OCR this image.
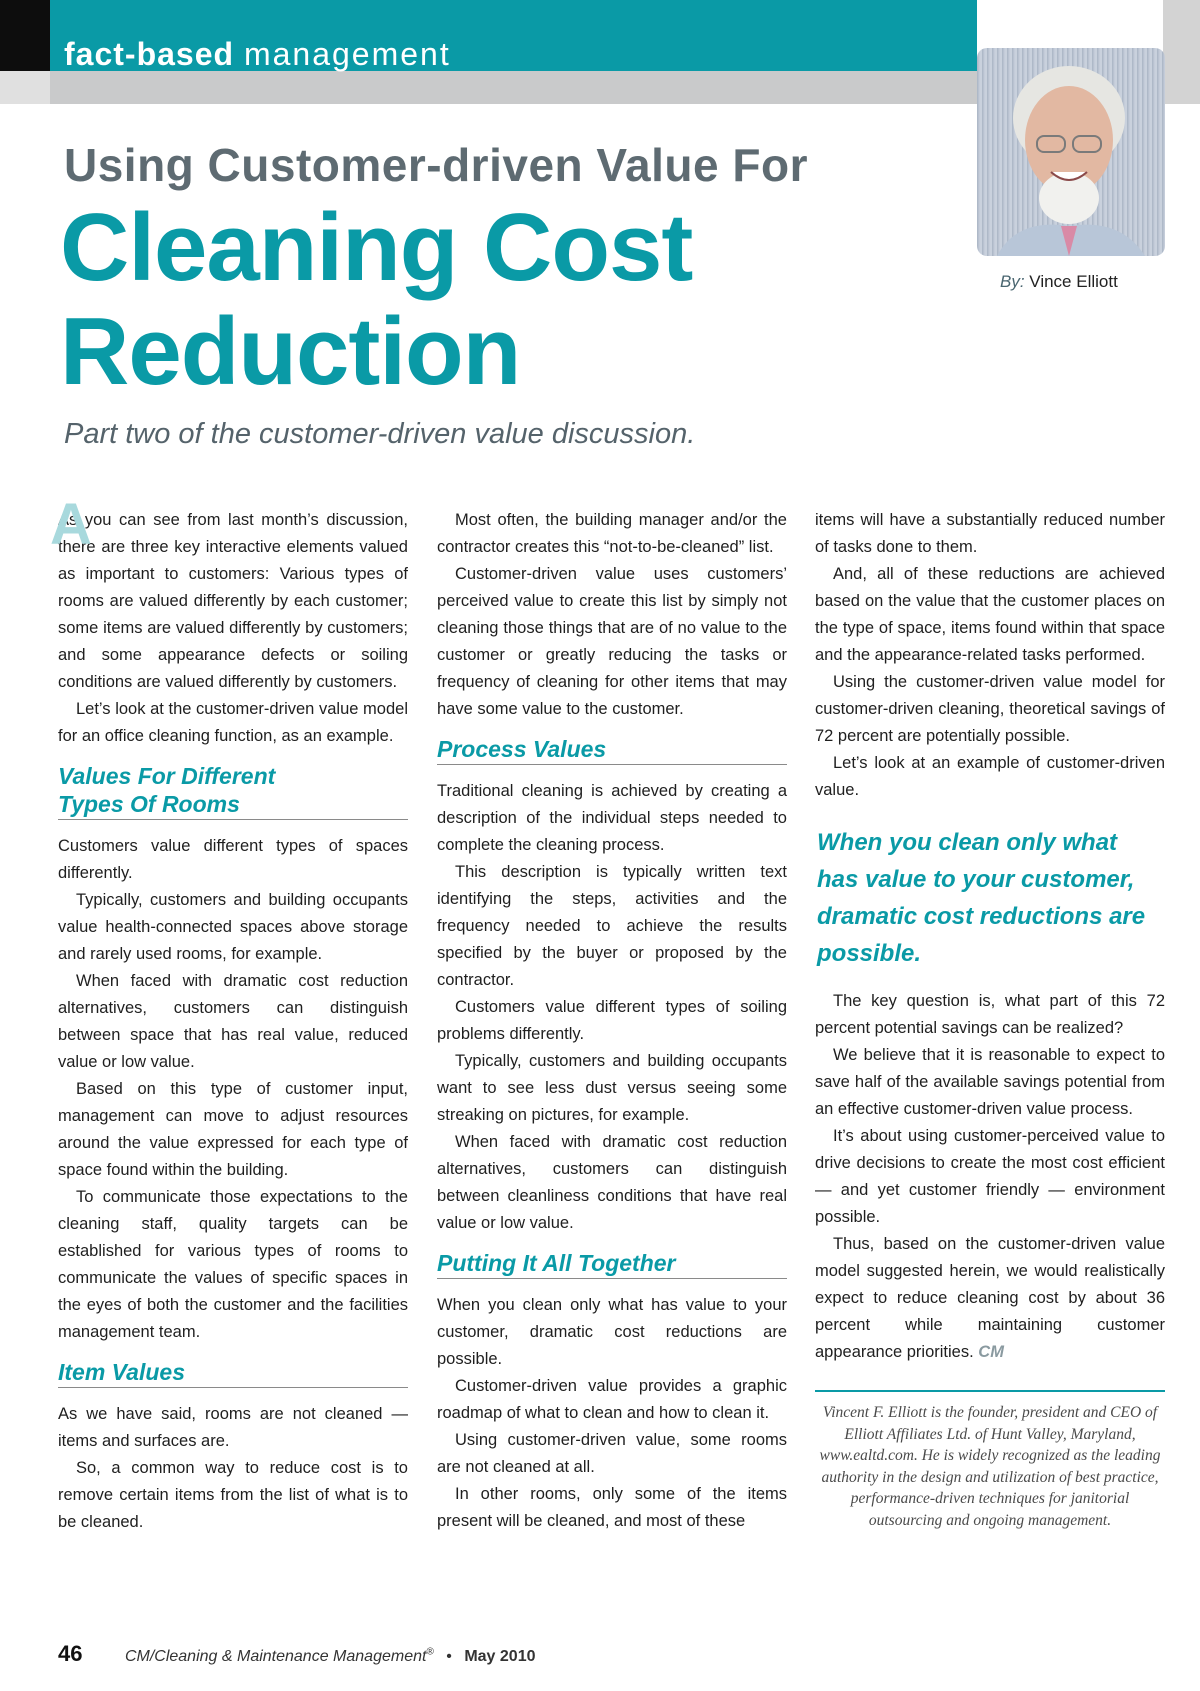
fact-based management
By: Vince Elliott
Using Customer-driven Value For
Cleaning Cost
Reduction
Part two of the customer-driven value discussion.
A

As you can see from last month’s discussion, there are three key interactive elements valued as important to customers: Various types of rooms are valued differently by each customer; some items are valued differently by customers; and some appearance defects or soiling conditions are valued differently by customers.

Let’s look at the customer-driven value model for an office cleaning function, as an example.

Values For Different
Types Of Rooms

Customers value different types of spaces differently.

Typically, customers and building occupants value health-connected spaces above storage and rarely used rooms, for example.

When faced with dramatic cost reduction alternatives, customers can distinguish between space that has real value, reduced value or low value.

Based on this type of customer input, management can move to adjust resources around the value expressed for each type of space found within the building.

To communicate those expectations to the cleaning staff, quality targets can be established for various types of rooms to communicate the values of specific spaces in the eyes of both the customer and the facilities management team.

Item Values

As we have said, rooms are not cleaned — items and surfaces are.

So, a common way to reduce cost is to remove certain items from the list of what is to be cleaned.

Most often, the building manager and/or the contractor creates this “not-to-be-cleaned” list.

Customer-driven value uses customers’ perceived value to create this list by simply not cleaning those things that are of no value to the customer or greatly reducing the tasks or frequency of cleaning for other items that may have some value to the customer.

Process Values

Traditional cleaning is achieved by creating a description of the individual steps needed to complete the cleaning process.

This description is typically written text identifying the steps, activities and the frequency needed to achieve the results specified by the buyer or proposed by the contractor.

Customers value different types of soiling problems differently.

Typically, customers and building occupants want to see less dust versus seeing some streaking on pictures, for example.

When faced with dramatic cost reduction alternatives, customers can distinguish between cleanliness conditions that have real value or low value.

Putting It All Together

When you clean only what has value to your customer, dramatic cost reductions are possible.

Customer-driven value provides a graphic roadmap of what to clean and how to clean it.

Using customer-driven value, some rooms are not cleaned at all.

In other rooms, only some of the items present will be cleaned, and most of these

items will have a substantially reduced number of tasks done to them.

And, all of these reductions are achieved based on the value that the customer places on the type of space, items found within that space and the appearance-related tasks performed.

Using the customer-driven value model for customer-driven cleaning, theoretical savings of 72 percent are potentially possible.

Let’s look at an example of customer-driven value.

When you clean only what has value to your customer, dramatic cost reductions are possible.

The key question is, what part of this 72 percent potential savings can be realized?

We believe that it is reasonable to expect to save half of the available savings potential from an effective customer-driven value process.

It’s about using customer-perceived value to drive decisions to create the most cost efficient — and yet customer friendly — environment possible.

Thus, based on the customer-driven value model suggested herein, we would realistically expect to reduce cleaning cost by about 36 percent while maintaining customer appearance priorities. CM

Vincent F. Elliott is the founder, president and CEO of Elliott Affiliates Ltd. of Hunt Valley, Maryland, www.ealtd.com. He is widely recognized as the leading authority in the design and utilization of best practice, performance-driven techniques for janitorial outsourcing and ongoing management.
46	CM/Cleaning & Maintenance Management® • May 2010
